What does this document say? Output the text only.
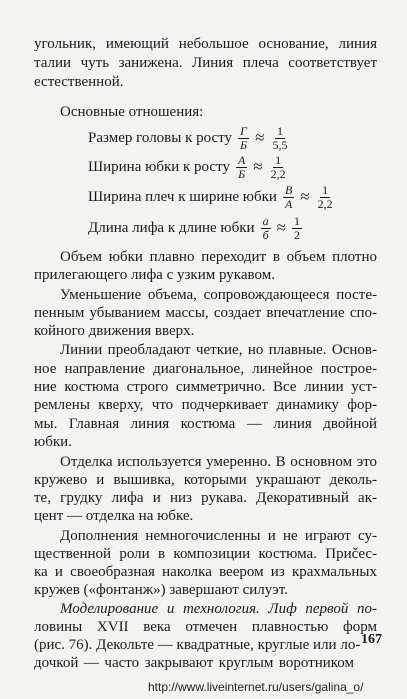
угольник, имеющий небольшое основание, линия
талии чуть занижена. Линия плеча соответствует
естественной.
Основные отношения:
Размер головы к росту $\frac{Г}{Б} \approx \frac{1}{5,5}$
Ширина юбки к росту $\frac{А}{Б} \approx \frac{1}{2,2}$
Ширина плеч к ширине юбки $\frac{В}{А} \approx \frac{1}{2,2}$
Длина лифа к длине юбки $\frac{а}{б} \approx \frac{1}{2}$
Объем юбки плавно переходит в объем плотно
прилегающего лифа с узким рукавом.
Уменьшение объема, сопровождающееся посте-
пенным убыванием массы, создает впечатление спо-
койного движения вверх.
Линии преобладают четкие, но плавные. Основ-
ное направление диагональное, линейное построе-
ние костюма строго симметрично. Все линии уст-
ремлены кверху, что подчеркивает динамику фор-
мы. Главная линия костюма — линия двойной
юбки.
Отделка используется умеренно. В основном это
кружево и вышивка, которыми украшают деколь-
те, грудку лифа и низ рукава. Декоративный ак-
цент — отделка на юбке.
Дополнения немногочисленны и не играют су-
щественной роли в композиции костюма. Приčес-
ка и своеобразная наколка веером из крахмальных
кружев («фонтанж») завершают силуэт.
Моделирование и технология. Лиф первой по-
ловины XVII века отмечен плавностью форм
(рис. 76). Декольте — квадратные, круглые или ло-
дочкой — часто закрывают круглым воротником
167
http://www.liveinternet.ru/users/galina_o/
